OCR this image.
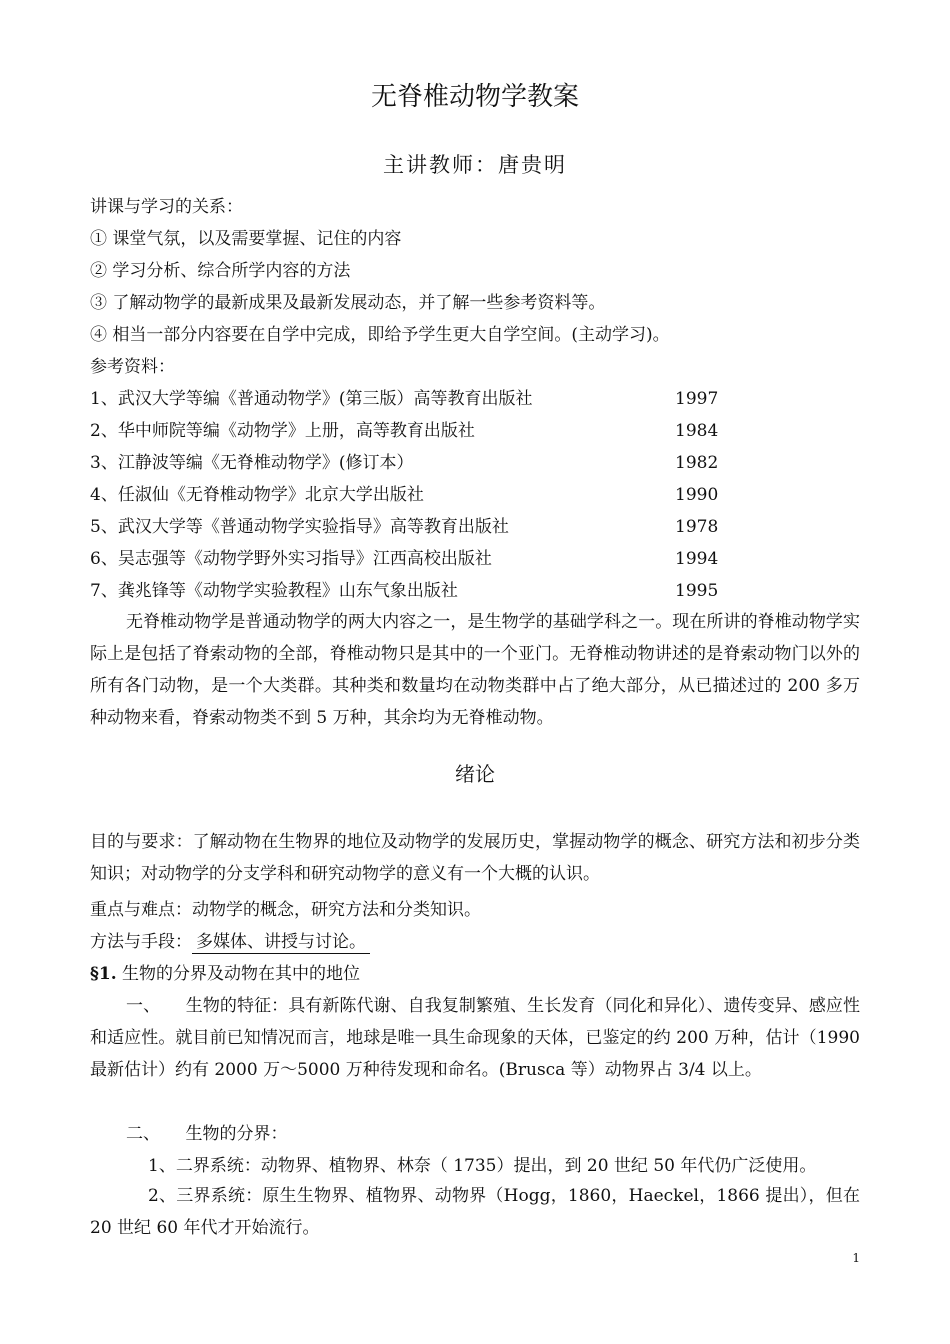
无脊椎动物学教案
主讲教师：唐贵明
讲课与学习的关系：
① 课堂气氛，以及需要掌握、记住的内容
② 学习分析、综合所学内容的方法
③ 了解动物学的最新成果及最新发展动态，并了解一些参考资料等。
④ 相当一部分内容要在自学中完成，即给予学生更大自学空间。(主动学习)。
参考资料：
1、武汉大学等编《普通动物学》(第三版）高等教育出版社	1997
2、华中师院等编《动物学》上册，高等教育出版社	1984
3、江静波等编《无脊椎动物学》(修订本）	1982
4、任淑仙《无脊椎动物学》北京大学出版社	1990
5、武汉大学等《普通动物学实验指导》高等教育出版社	1978
6、吴志强等《动物学野外实习指导》江西高校出版社	1994
7、龚兆锋等《动物学实验教程》山东气象出版社	1995
无脊椎动物学是普通动物学的两大内容之一，是生物学的基础学科之一。现在所讲的脊椎动物学实际上是包括了脊索动物的全部，脊椎动物只是其中的一个亚门。无脊椎动物讲述的是脊索动物门以外的所有各门动物，是一个大类群。其种类和数量均在动物类群中占了绝大部分，从已描述过的 200 多万种动物来看，脊索动物类不到 5 万种，其余均为无脊椎动物。
绪论
目的与要求：了解动物在生物界的地位及动物学的发展历史，掌握动物学的概念、研究方法和初步分类知识；对动物学的分支学科和研究动物学的意义有一个大概的认识。
重点与难点：动物学的概念，研究方法和分类知识。
方法与手段： 多媒体、讲授与讨论。
§1. 生物的分界及动物在其中的地位
一、　　生物的特征：具有新陈代谢、自我复制繁殖、生长发育（同化和异化）、遗传变异、感应性和适应性。就目前已知情况而言，地球是唯一具生命现象的天体，已鉴定的约 200 万种，估计（1990 最新估计）约有 2000 万～5000 万种待发现和命名。(Brusca 等）动物界占 3/4 以上。
二、　　生物的分界：
1、二界系统：动物界、植物界、林奈（ 1735）提出，到 20 世纪 50 年代仍广泛使用。
2、三界系统：原生生物界、植物界、动物界（Hogg，1860，Haeckel，1866 提出），但在 20 世纪 60 年代才开始流行。
1
